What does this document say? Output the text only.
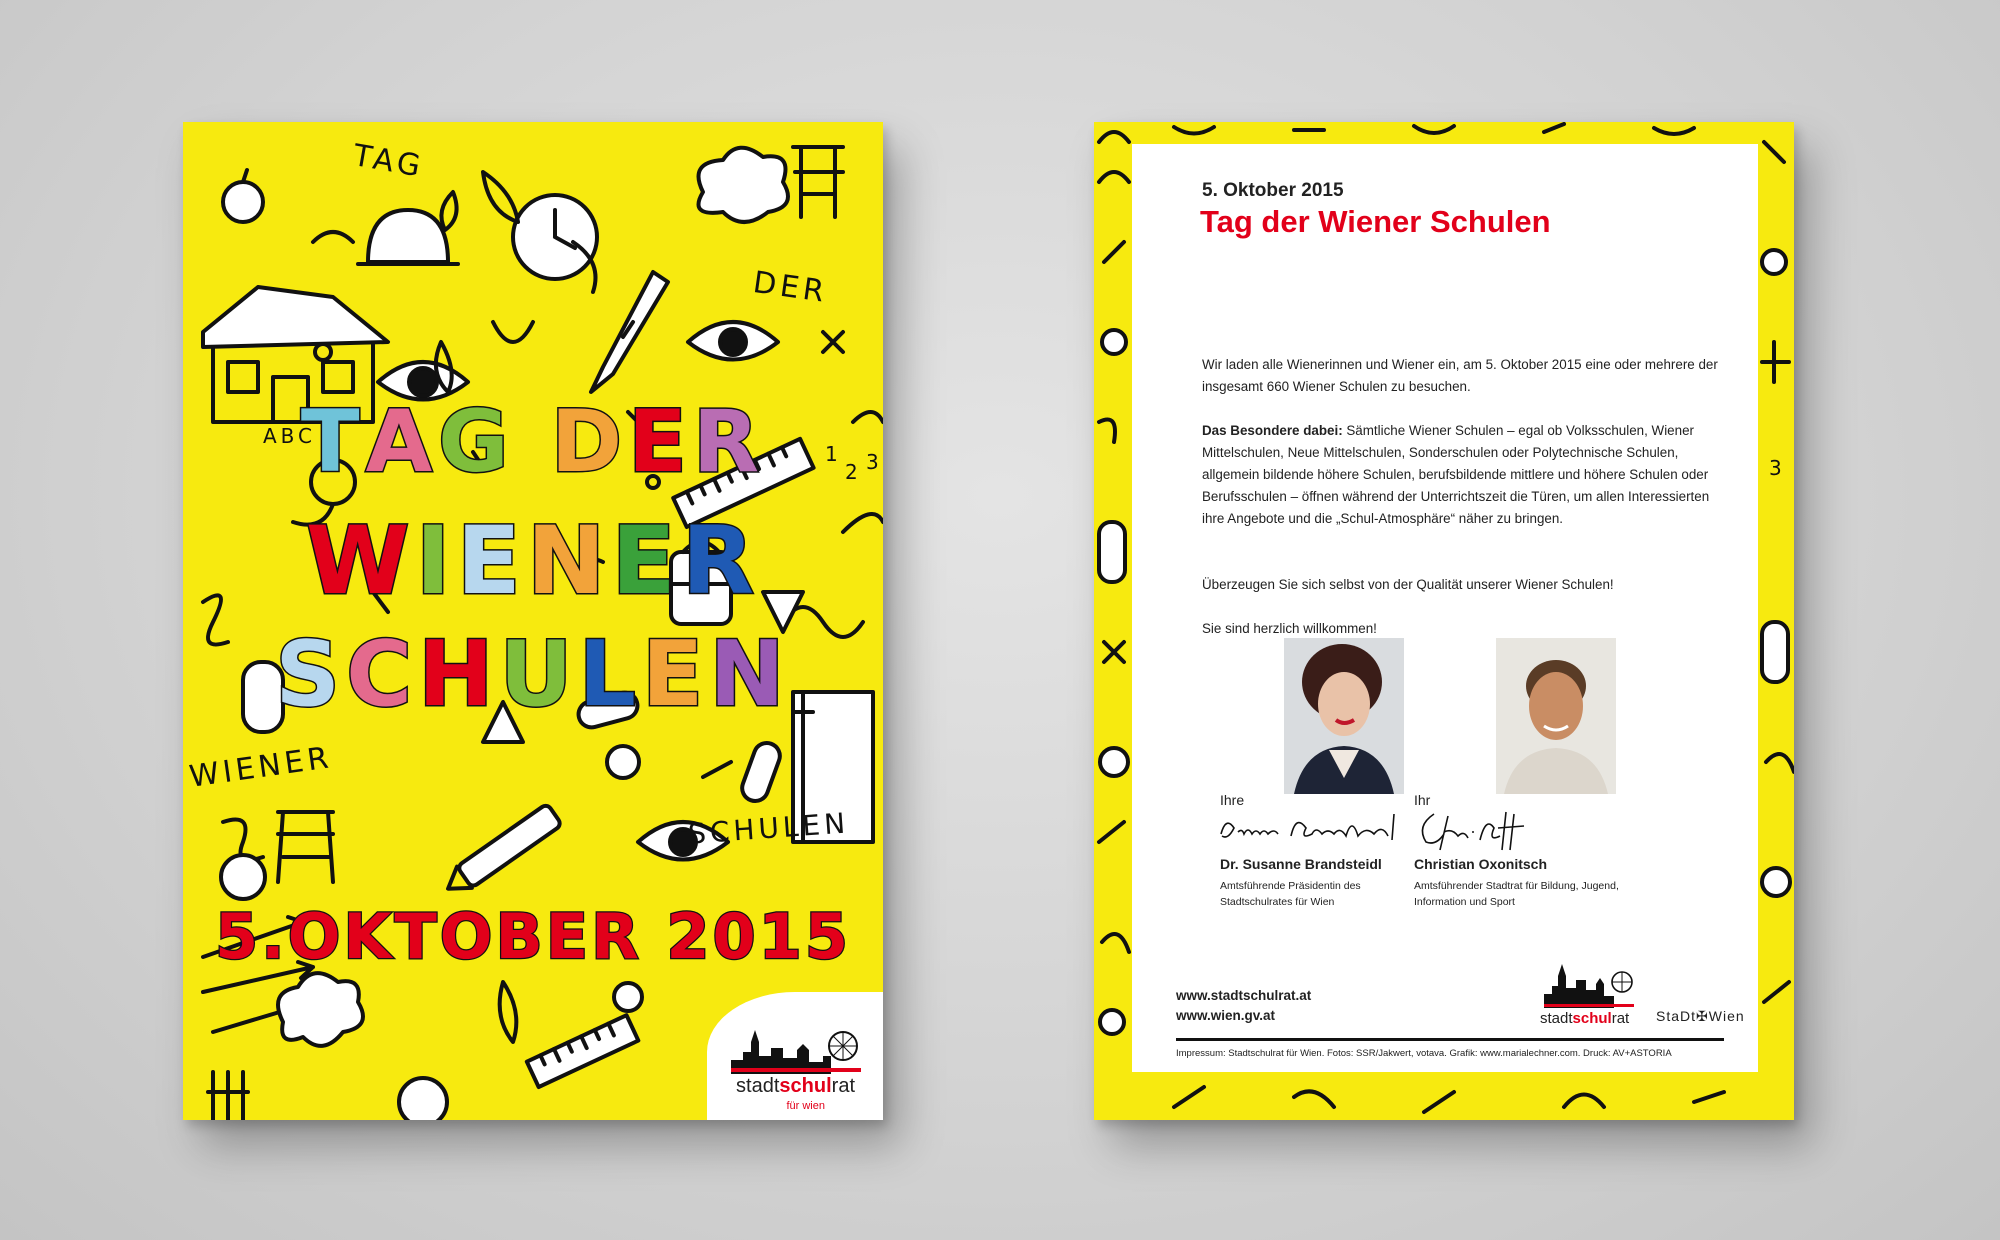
TAG
DER
ABC
WIENER
SCHULEN
1
2 3
TAG DER
WIENER
SCHULEN
5.OKTOBER 2015
stadtschulrat
für wien
3
5. Oktober 2015
Tag der Wiener Schulen
Wir laden alle Wienerinnen und Wiener ein, am 5. Oktober 2015 eine oder mehrere der insgesamt 660 Wiener Schulen zu besuchen.
Das Besondere dabei: Sämtliche Wiener Schulen – egal ob Volksschulen, Wiener Mittelschulen, Neue Mittelschulen, Sonderschulen oder Polytechnische Schulen, allgemein bildende höhere Schulen, berufsbildende mittlere und höhere Schulen oder Berufsschulen – öffnen während der Unterrichtszeit die Türen, um allen Interessierten ihre Angebote und die „Schul-Atmosphäre“ näher zu bringen.
Überzeugen Sie sich selbst von der Qualität unserer Wiener Schulen!
Sie sind herzlich willkommen!
Ihre
Dr. Susanne Brandsteidl
Amtsführende Präsidentin des Stadtschulrates für Wien
Ihr
Christian Oxonitsch
Amtsführender Stadtrat für Bildung, Jugend, Information und Sport
www.stadtschulrat.at
www.wien.gv.at	stadtschulrat StaDt✠Wien
Impressum: Stadtschulrat für Wien. Fotos: SSR/Jakwert, votava. Grafik: www.marialechner.com. Druck: AV+ASTORIA
